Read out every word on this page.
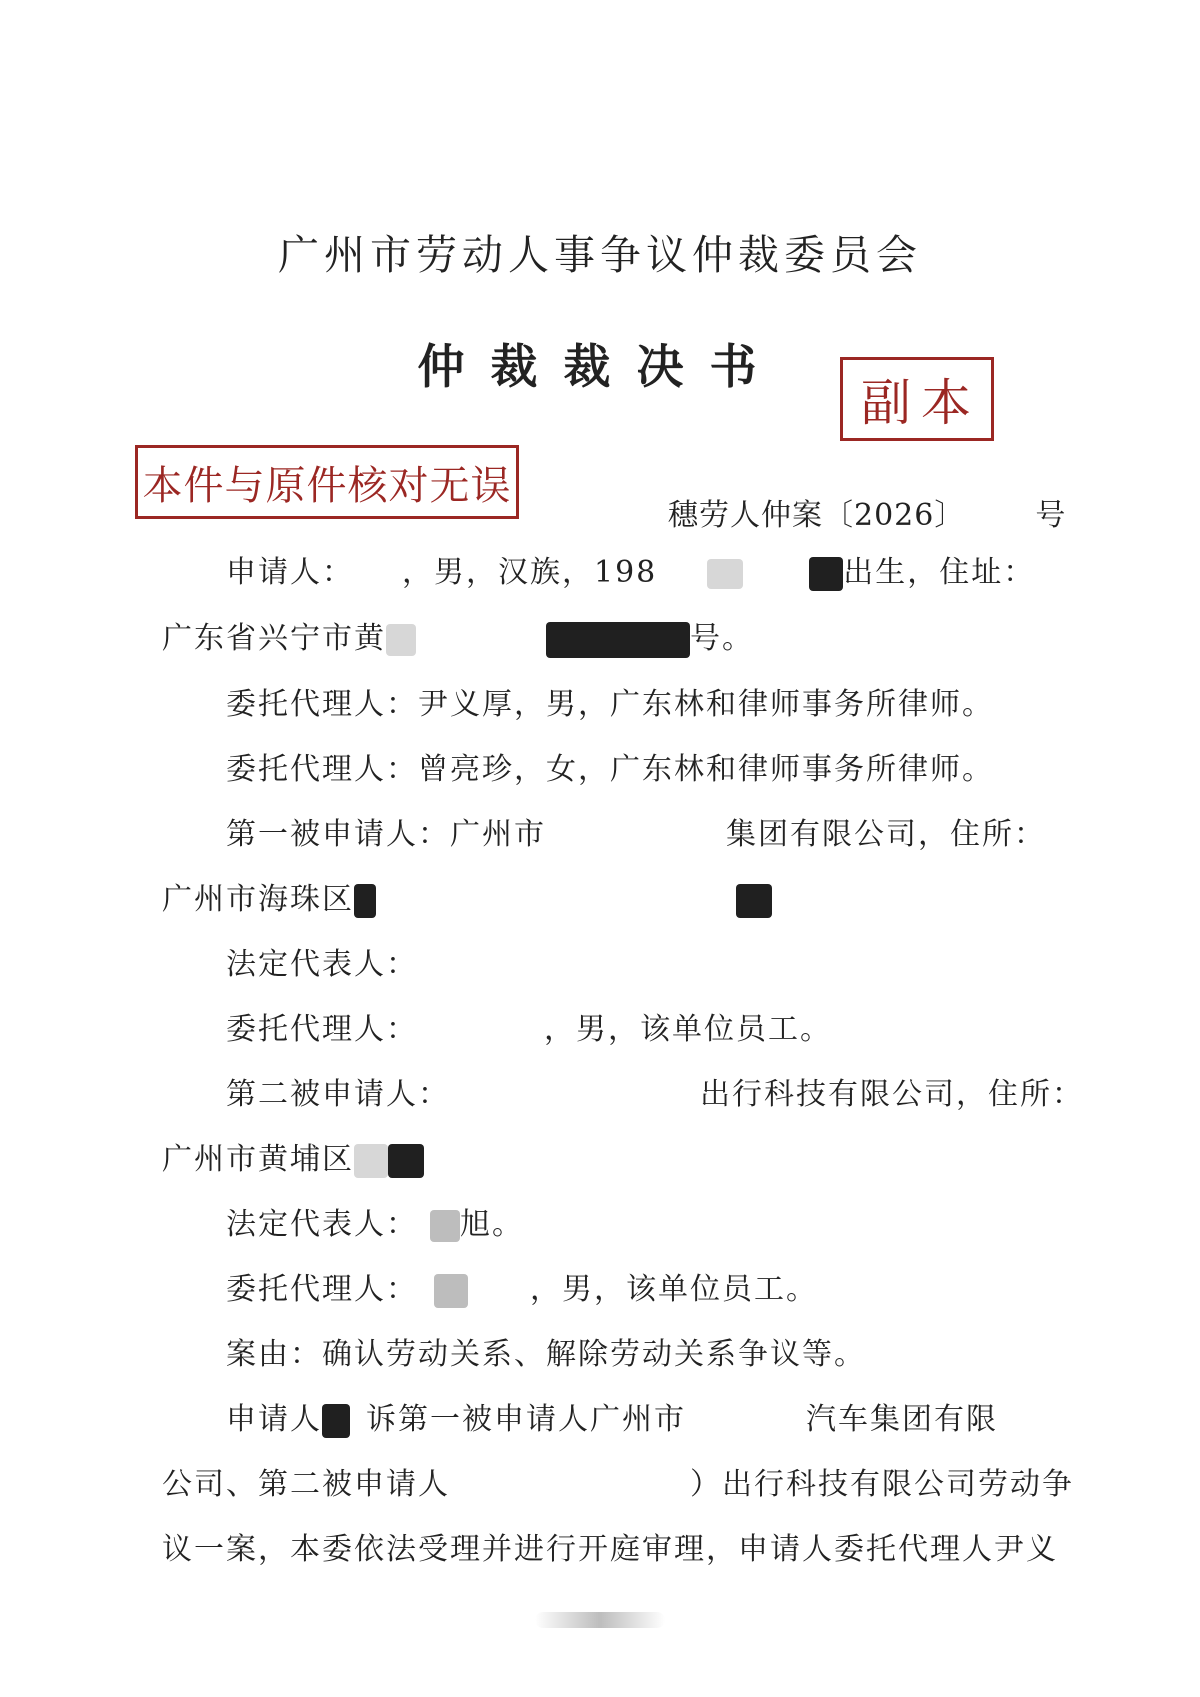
广州市劳动人事争议仲裁委员会
仲裁裁决书
副本
本件与原件核对无误
穗劳人仲案〔2026〕 号
申请人： ，男，汉族，198	出生，住址：
广东省兴宁市黄	号。
委托代理人：尹义厚，男，广东林和律师事务所律师。
委托代理人：曾亮珍，女，广东林和律师事务所律师。
第一被申请人：广州市	集团有限公司，住所：
广州市海珠区
法定代表人：
委托代理人：	，男，该单位员工。
第二被申请人：	出行科技有限公司，住所：
广州市黄埔区
法定代表人： 旭。
委托代理人：	，男，该单位员工。
案由：确认劳动关系、解除劳动关系争议等。
申请人 诉第一被申请人广州市	汽车集团有限
公司、第二被申请人	）出行科技有限公司劳动争
议一案，本委依法受理并进行开庭审理，申请人委托代理人尹义
